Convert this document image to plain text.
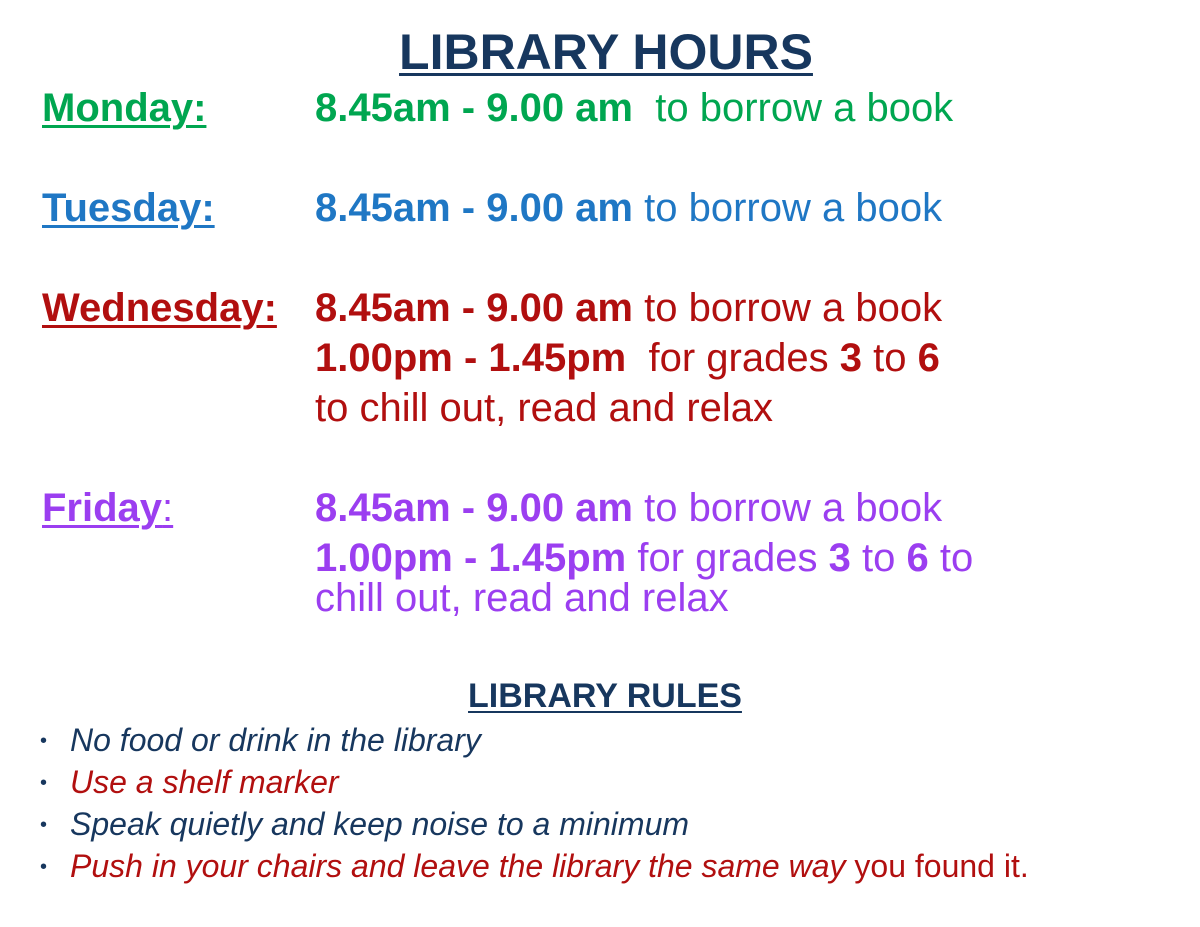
LIBRARY HOURS
Monday:	8.45am - 9.00 am to borrow a book
Tuesday:	8.45am - 9.00 am to borrow a book
Wednesday: 8.45am - 9.00 am to borrow a book
1.00pm - 1.45pm for grades 3 to 6
to chill out, read and relax
Friday:	8.45am - 9.00 am to borrow a book
1.00pm - 1.45pm for grades 3 to 6 to
chill out, read and relax
LIBRARY RULES
• No food or drink in the library
• Use a shelf marker
• Speak quietly and keep noise to a minimum
• Push in your chairs and leave the library the same way you found it.
